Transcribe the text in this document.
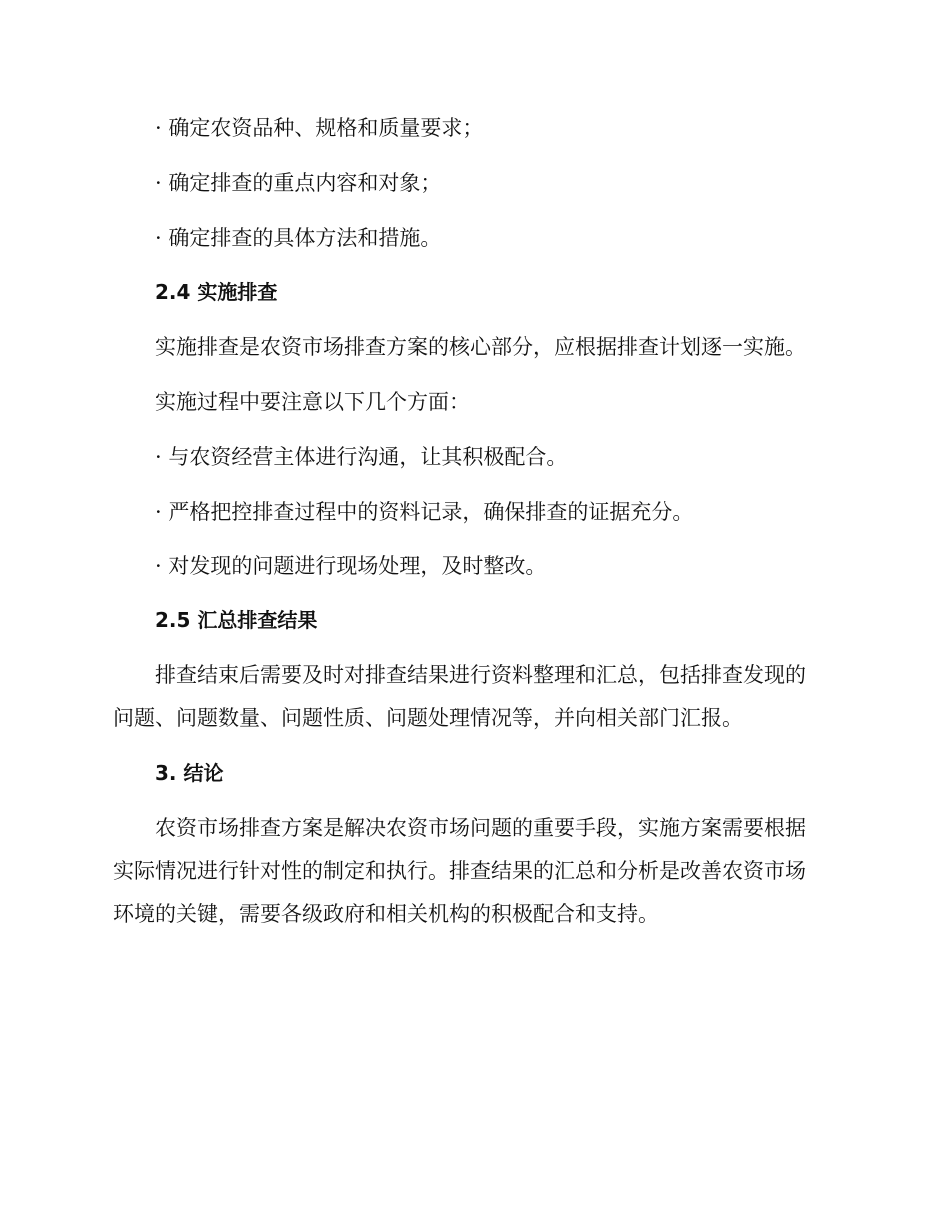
· 确定农资品种、规格和质量要求；

· 确定排查的重点内容和对象；

· 确定排查的具体方法和措施。

2.4 实施排查

实施排查是农资市场排查方案的核心部分，应根据排查计划逐一实施。

实施过程中要注意以下几个方面：

· 与农资经营主体进行沟通，让其积极配合。

· 严格把控排查过程中的资料记录，确保排查的证据充分。

· 对发现的问题进行现场处理，及时整改。

2.5 汇总排查结果

排查结束后需要及时对排查结果进行资料整理和汇总，包括排查发现的

问题、问题数量、问题性质、问题处理情况等，并向相关部门汇报。

3. 结论

农资市场排查方案是解决农资市场问题的重要手段，实施方案需要根据

实际情况进行针对性的制定和执行。排查结果的汇总和分析是改善农资市场

环境的关键，需要各级政府和相关机构的积极配合和支持。
